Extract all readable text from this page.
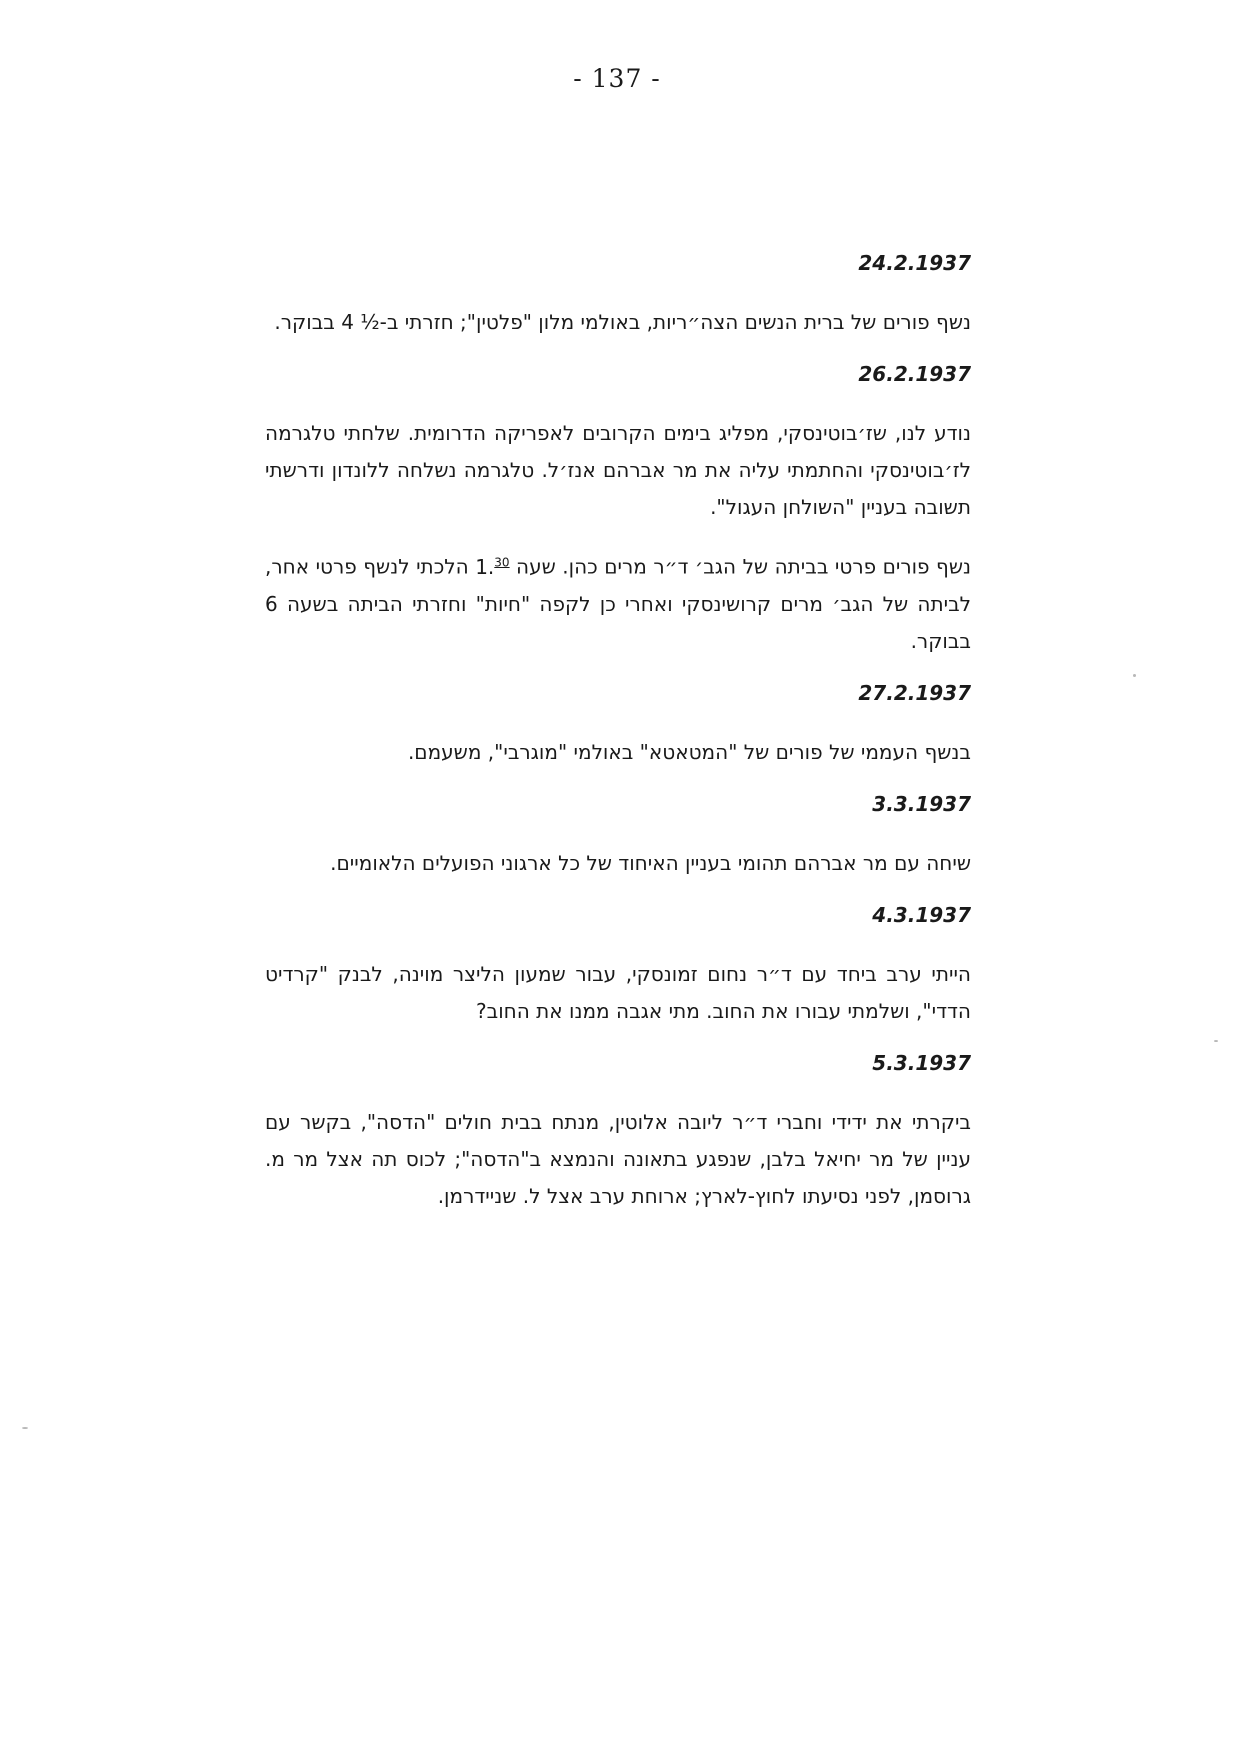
- 137 -
24.2.1937

נשף פורים של ברית הנשים הצה״ריות, באולמי מלון "פלטין"; חזרתי ב-½ 4 בבוקר.

26.2.1937

נודע לנו, שז׳בוטינסקי, מפליג בימים הקרובים לאפריקה הדרומית. שלחתי טלגרמה לז׳בוטינסקי והחתמתי עליה את מר אברהם אנז׳ל. טלגרמה נשלחה ללונדון ודרשתי תשובה בעניין "השולחן העגול".

נשף פורים פרטי בביתה של הגב׳ ד״ר מרים כהן. שעה 1.30 הלכתי לנשף פרטי אחר, לביתה של הגב׳ מרים קרושינסקי ואחרי כן לקפה "חיות" וחזרתי הביתה בשעה 6 בבוקר.

27.2.1937

בנשף העממי של פורים של "המטאטא" באולמי "מוגרבי", משעמם.

3.3.1937

שיחה עם מר אברהם תהומי בעניין האיחוד של כל ארגוני הפועלים הלאומיים.

4.3.1937

הייתי ערב ביחד עם ד״ר נחום זמונסקי, עבור שמעון הליצר מוינה, לבנק "קרדיט הדדי", ושלמתי עבורו את החוב. מתי אגבה ממנו את החוב?

5.3.1937

ביקרתי את ידידי וחברי ד״ר ליובה אלוטין, מנתח בבית חולים "הדסה", בקשר עם עניין של מר יחיאל בלבן, שנפגע בתאונה והנמצא ב"הדסה"; לכוס תה אצל מר מ. גרוסמן, לפני נסיעתו לחוץ-לארץ; ארוחת ערב אצל ל. שניידרמן.
